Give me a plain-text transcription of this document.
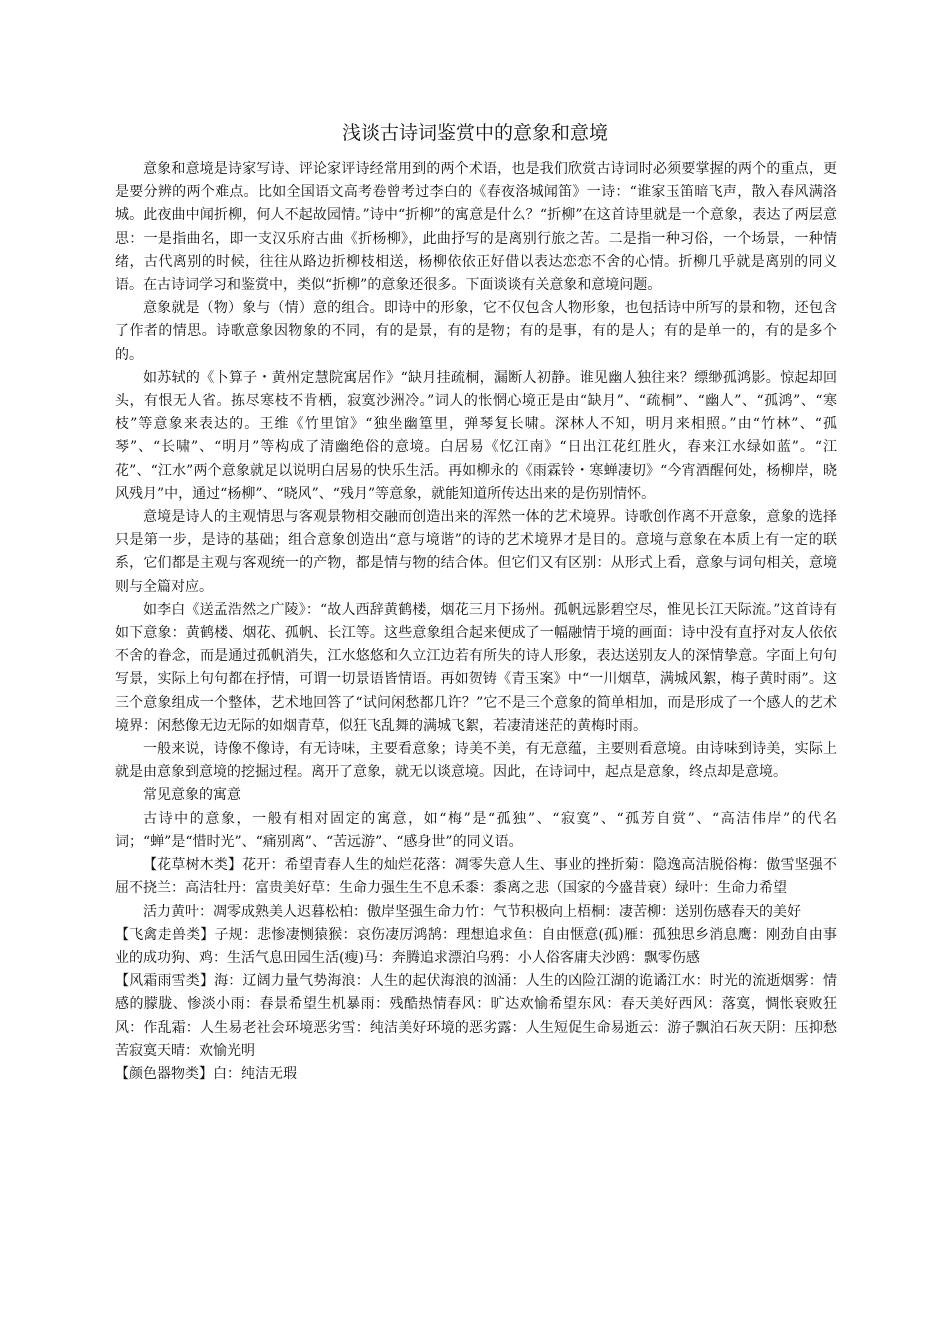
浅谈古诗词鉴赏中的意象和意境

意象和意境是诗家写诗、评论家评诗经常用到的两个术语，也是我们欣赏古诗词时必须要掌握的两个的重点，更是要分辨的两个难点。比如全国语文高考卷曾考过李白的《春夜洛城闻笛》一诗：“谁家玉笛暗飞声，散入春风满洛城。此夜曲中闻折柳，何人不起故园情。”诗中“折柳”的寓意是什么？“折柳”在这首诗里就是一个意象，表达了两层意思：一是指曲名，即一支汉乐府古曲《折杨柳》，此曲抒写的是离别行旅之苦。二是指一种习俗，一个场景，一种情绪，古代离别的时候，往往从路边折柳枝相送，杨柳依依正好借以表达恋恋不舍的心情。折柳几乎就是离别的同义语。在古诗词学习和鉴赏中，类似“折柳”的意象还很多。下面谈谈有关意象和意境问题。

意象就是（物）象与（情）意的组合。即诗中的形象，它不仅包含人物形象，也包括诗中所写的景和物，还包含了作者的情思。诗歌意象因物象的不同，有的是景，有的是物；有的是事，有的是人；有的是单一的，有的是多个的。

如苏轼的《卜算子・黄州定慧院寓居作》“缺月挂疏桐，漏断人初静。谁见幽人独往来？缥缈孤鸿影。惊起却回头，有恨无人省。拣尽寒枝不肯栖，寂寞沙洲冷。”词人的怅惘心境正是由“缺月”、“疏桐”、“幽人”、“孤鸿”、“寒枝”等意象来表达的。王维《竹里馆》“独坐幽篁里，弹琴复长啸。深林人不知，明月来相照。”由“竹林”、“孤琴”、“长啸”、“明月”等构成了清幽绝俗的意境。白居易《忆江南》“日出江花红胜火，春来江水绿如蓝”。“江花”、“江水”两个意象就足以说明白居易的快乐生活。再如柳永的《雨霖铃・寒蝉凄切》“今宵酒醒何处，杨柳岸，晓风残月”中，通过“杨柳”、“晓风”、“残月”等意象，就能知道所传达出来的是伤别情怀。

意境是诗人的主观情思与客观景物相交融而创造出来的浑然一体的艺术境界。诗歌创作离不开意象，意象的选择只是第一步，是诗的基础；组合意象创造出“意与境谐”的诗的艺术境界才是目的。意境与意象在本质上有一定的联系，它们都是主观与客观统一的产物，都是情与物的结合体。但它们又有区别：从形式上看，意象与词句相关，意境则与全篇对应。

如李白《送孟浩然之广陵》：“故人西辞黄鹤楼，烟花三月下扬州。孤帆远影碧空尽，惟见长江天际流。”这首诗有如下意象：黄鹤楼、烟花、孤帆、长江等。这些意象组合起来便成了一幅融情于境的画面：诗中没有直抒对友人依依不舍的眷念，而是通过孤帆消失，江水悠悠和久立江边若有所失的诗人形象，表达送别友人的深情挚意。字面上句句写景，实际上句句都在抒情，可谓一切景语皆情语。再如贺铸《青玉案》中“一川烟草，满城风絮，梅子黄时雨”。这三个意象组成一个整体，艺术地回答了“试问闲愁都几许？”它不是三个意象的简单相加，而是形成了一个感人的艺术境界：闲愁像无边无际的如烟青草，似狂飞乱舞的满城飞絮，若凄清迷茫的黄梅时雨。

一般来说，诗像不像诗，有无诗味，主要看意象；诗美不美，有无意蕴，主要则看意境。由诗味到诗美，实际上就是由意象到意境的挖掘过程。离开了意象，就无以谈意境。因此，在诗词中，起点是意象，终点却是意境。

常见意象的寓意

古诗中的意象，一般有相对固定的寓意，如“梅”是“孤独”、“寂寞”、“孤芳自赏”、“高洁伟岸”的代名词；“蝉”是“惜时光”、“痛别离”、“苦远游”、“感身世”的同义语。

【花草树木类】花开：希望青春人生的灿烂花落：凋零失意人生、事业的挫折菊：隐逸高洁脱俗梅：傲雪坚强不屈不挠兰：高洁牡丹：富贵美好草：生命力强生生不息禾黍：黍离之悲（国家的今盛昔衰）绿叶：生命力希望

活力黄叶：凋零成熟美人迟暮松柏：傲岸坚强生命力竹：气节积极向上梧桐：凄苦柳：送别伤感春天的美好

【飞禽走兽类】子规：悲惨凄恻猿猴：哀伤凄厉鸿鹄：理想追求鱼：自由惬意(孤)雁：孤独思乡消息鹰：刚劲自由事业的成功狗、鸡：生活气息田园生活(瘦)马：奔腾追求漂泊乌鸦：小人俗客庸夫沙鸥：飘零伤感

【风霜雨雪类】海：辽阔力量气势海浪：人生的起伏海浪的汹涌：人生的凶险江湖的诡谲江水：时光的流逝烟雾：情感的朦胧、惨淡小雨：春景希望生机暴雨：残酷热情春风：旷达欢愉希望东风：春天美好西风：落寞，惆怅衰败狂风：作乱霜：人生易老社会环境恶劣雪：纯洁美好环境的恶劣露：人生短促生命易逝云：游子飘泊石灰天阴：压抑愁苦寂寞天晴：欢愉光明

【颜色器物类】白：纯洁无瑕
